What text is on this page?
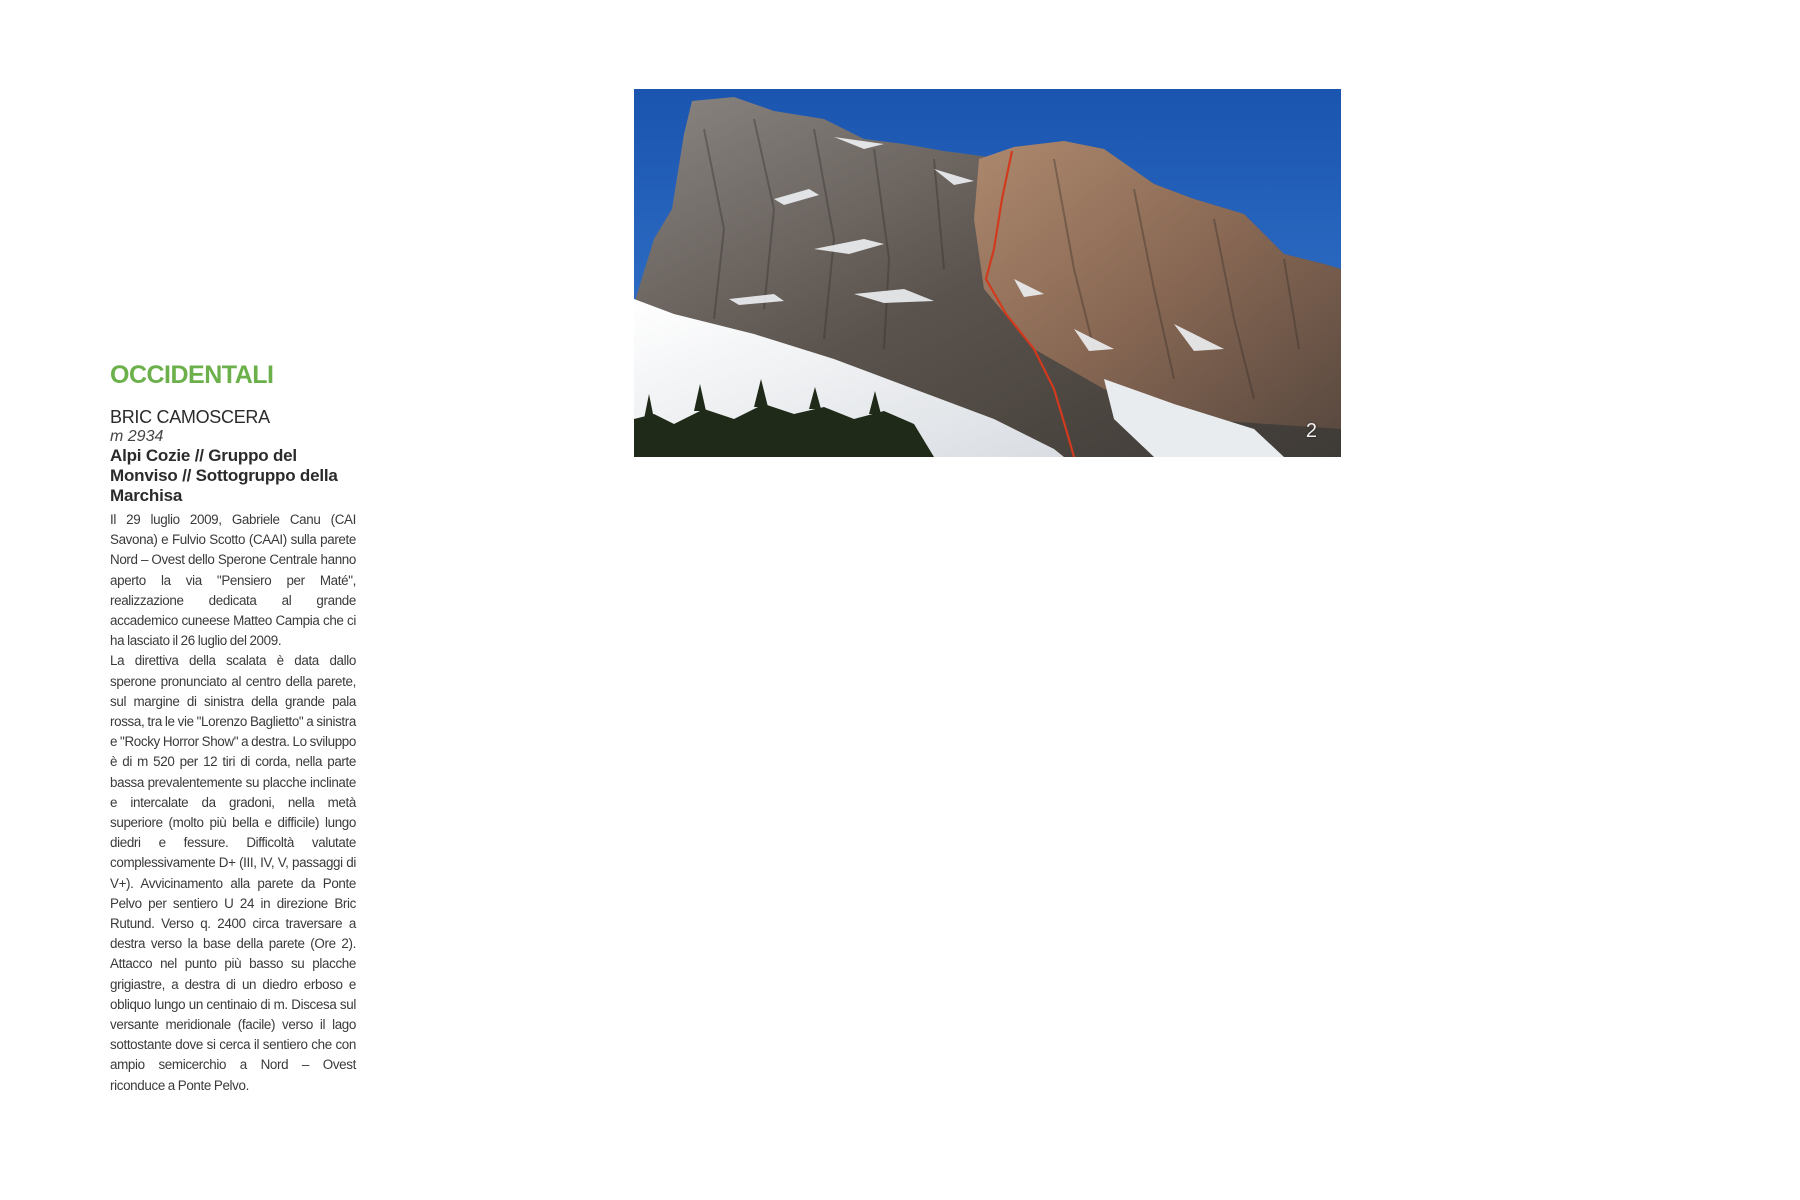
2
OCCIDENTALI

BRIC CAMOSCERA

m 2934

Alpi Cozie // Gruppo del Monviso // Sottogruppo della Marchisa

Il 29 luglio 2009, Gabriele Canu (CAI Savona) e Fulvio Scotto (CAAI) sulla parete Nord – Ovest dello Sperone Centrale hanno aperto la via "Pensiero per Maté", realizzazione dedicata al grande accademico cuneese Matteo Campia che ci ha lasciato il 26 luglio del 2009.

La direttiva della scalata è data dallo sperone pronunciato al centro della parete, sul margine di sinistra della grande pala rossa, tra le vie "Lorenzo Baglietto" a sinistra e "Rocky Horror Show" a destra. Lo sviluppo è di m 520 per 12 tiri di corda, nella parte bassa prevalentemente su placche inclinate e intercalate da gradoni, nella metà superiore (molto più bella e difficile) lungo diedri e fessure. Difficoltà valutate complessivamente D+ (III, IV, V, passaggi di V+). Avvicinamento alla parete da Ponte Pelvo per sentiero U 24 in direzione Bric Rutund. Verso q. 2400 circa traversare a destra verso la base della parete (Ore 2). Attacco nel punto più basso su placche grigiastre, a destra di un diedro erboso e obliquo lungo un centinaio di m. Discesa sul versante meridionale (facile) verso il lago sottostante dove si cerca il sentiero che con ampio semicerchio a Nord – Ovest riconduce a Ponte Pelvo.
